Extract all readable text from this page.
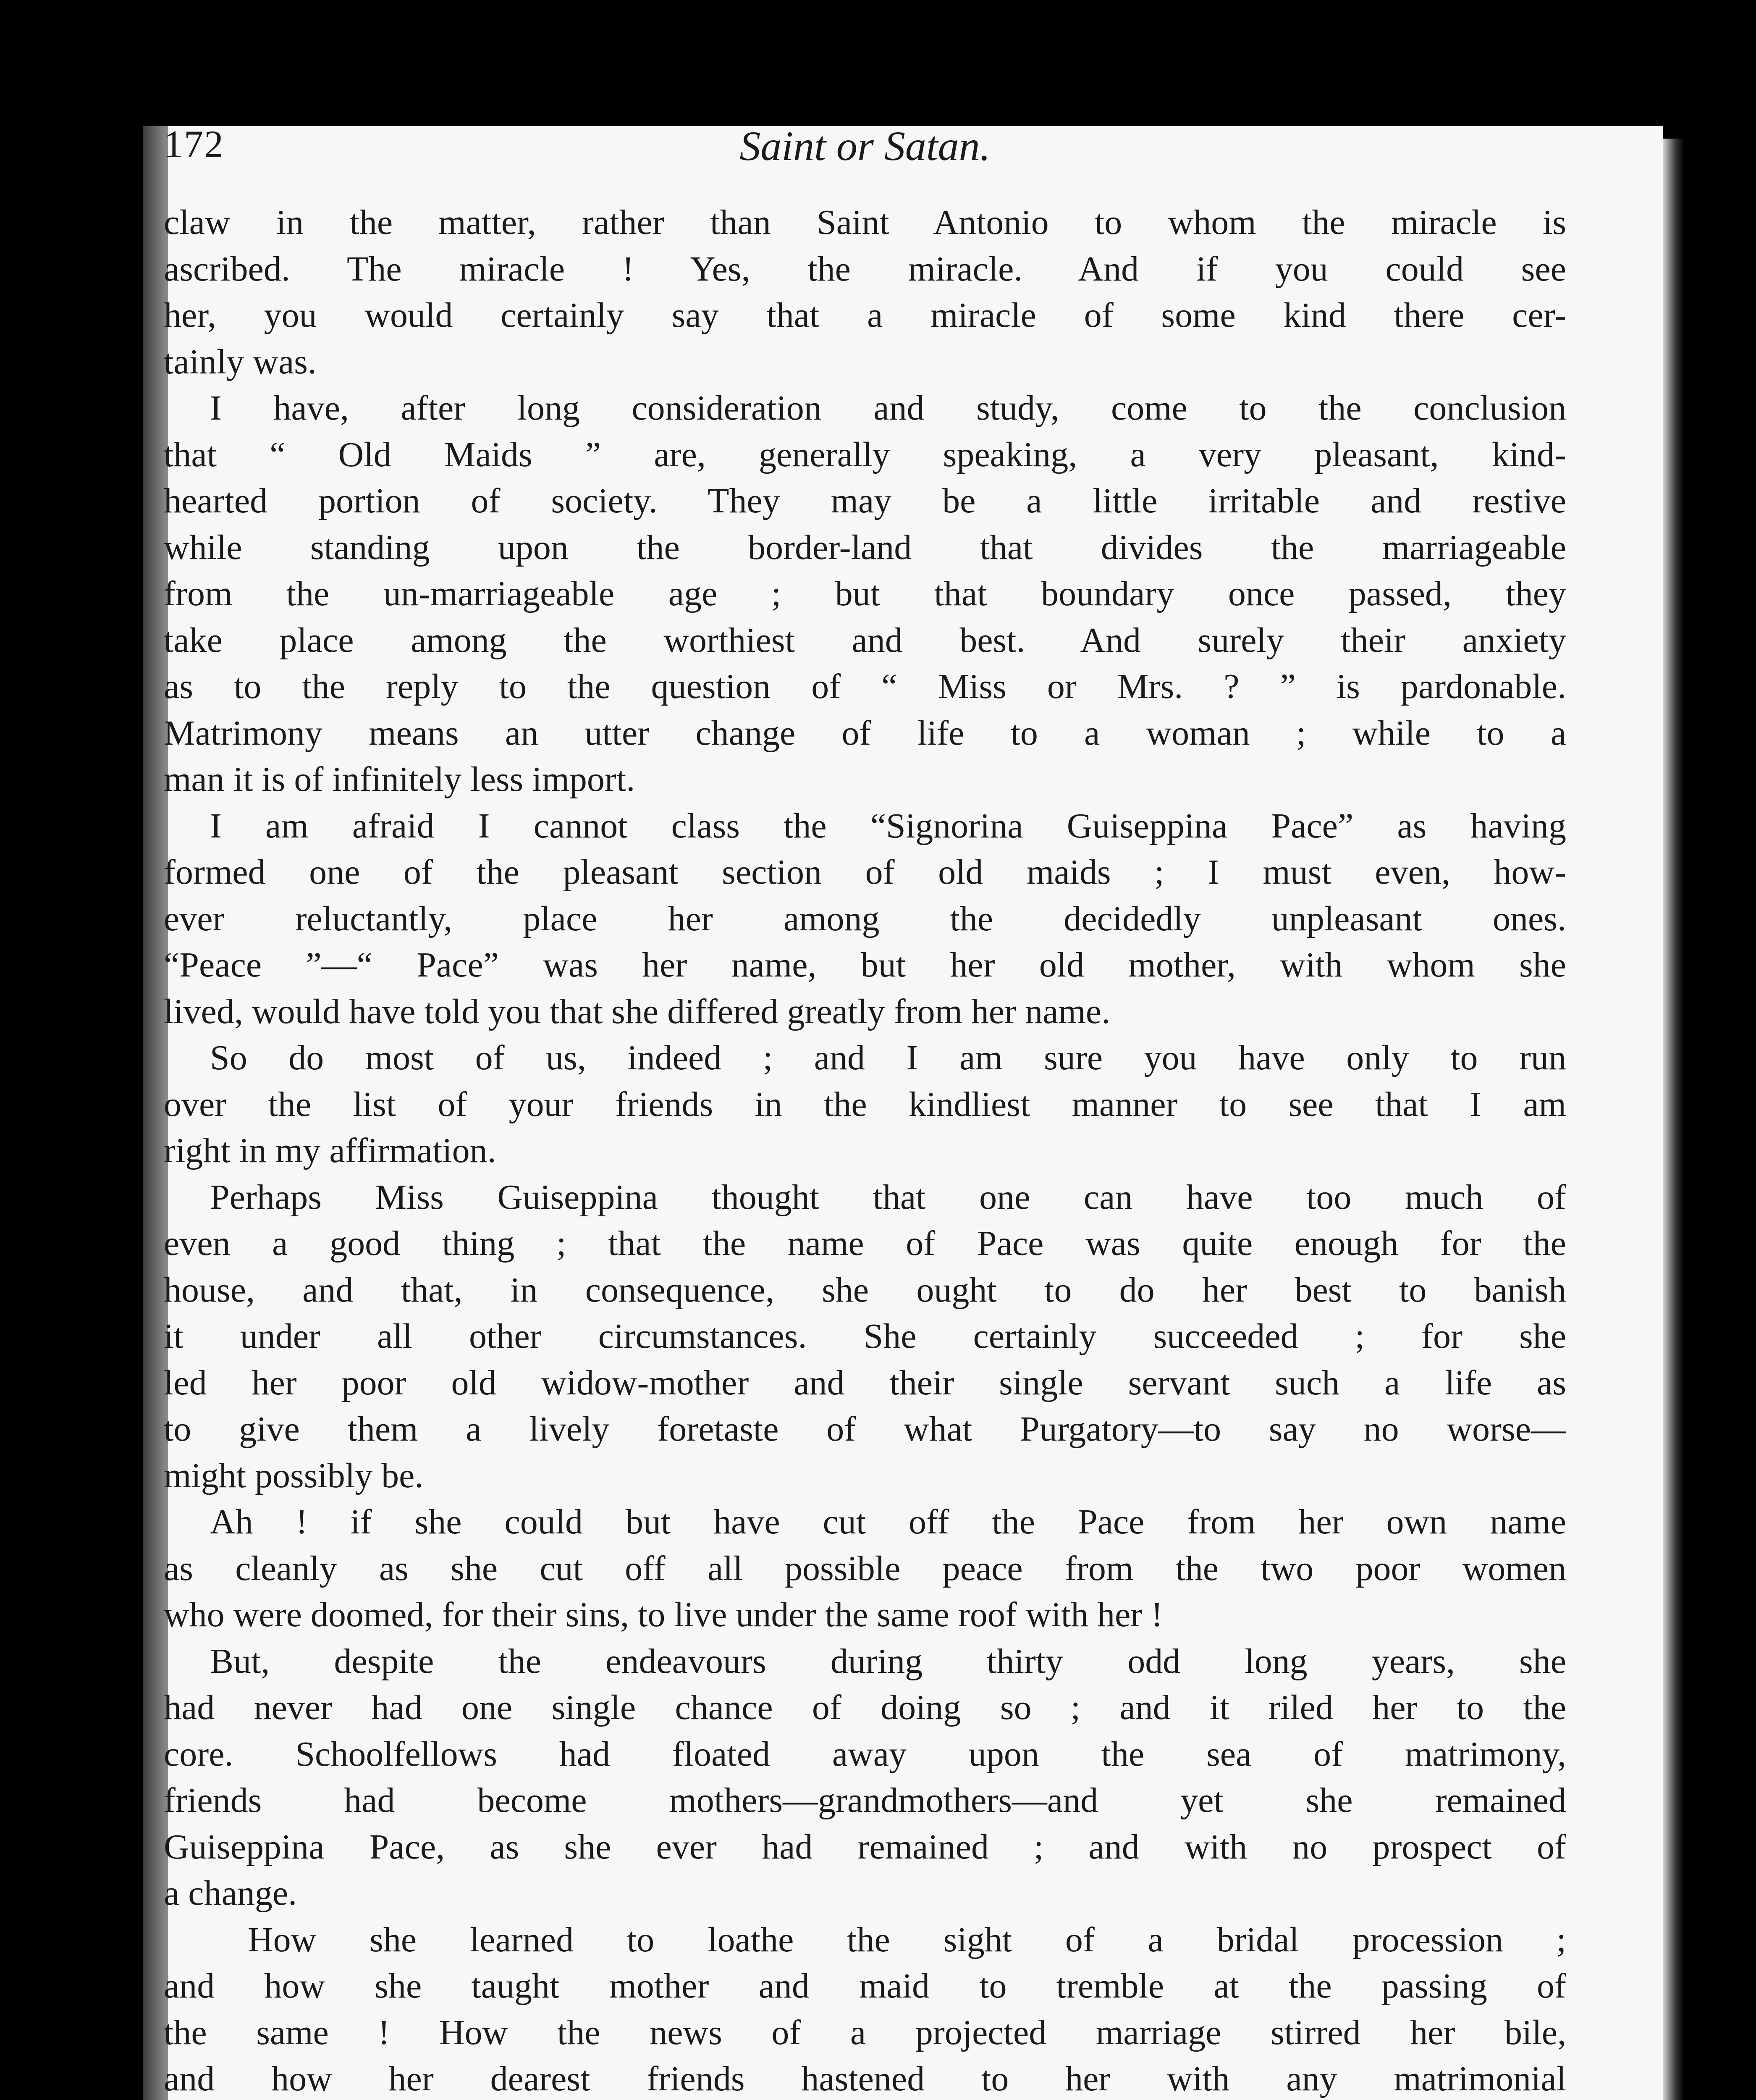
172	Saint or Satan.
claw in the matter, rather than Saint Antonio to whom the miracle is
ascribed. The miracle ! Yes, the miracle. And if you could see
her, you would certainly say that a miracle of some kind there cer-
tainly was.
I have, after long consideration and study, come to the conclusion
that “ Old Maids ” are, generally speaking, a very pleasant, kind-
hearted portion of society. They may be a little irritable and restive
while standing upon the border-land that divides the marriageable
from the un-marriageable age ; but that boundary once passed, they
take place among the worthiest and best. And surely their anxiety
as to the reply to the question of “ Miss or Mrs. ? ” is pardonable.
Matrimony means an utter change of life to a woman ; while to a
man it is of infinitely less import.
I am afraid I cannot class the “Signorina Guiseppina Pace” as having
formed one of the pleasant section of old maids ; I must even, how-
ever reluctantly, place her among the decidedly unpleasant ones.
“Peace ”—“ Pace” was her name, but her old mother, with whom she
lived, would have told you that she differed greatly from her name.
So do most of us, indeed ; and I am sure you have only to run
over the list of your friends in the kindliest manner to see that I am
right in my affirmation.
Perhaps Miss Guiseppina thought that one can have too much of
even a good thing ; that the name of Pace was quite enough for the
house, and that, in consequence, she ought to do her best to banish
it under all other circumstances. She certainly succeeded ; for she
led her poor old widow-mother and their single servant such a life as
to give them a lively foretaste of what Purgatory—to say no worse—
might possibly be.
Ah ! if she could but have cut off the Pace from her own name
as cleanly as she cut off all possible peace from the two poor women
who were doomed, for their sins, to live under the same roof with her !
But, despite the endeavours during thirty odd long years, she
had never had one single chance of doing so ; and it riled her to the
core. Schoolfellows had floated away upon the sea of matrimony,
friends had become mothers—grandmothers—and yet she remained
Guiseppina Pace, as she ever had remained ; and with no prospect of
a change.
How she learned to loathe the sight of a bridal procession ;
and how she taught mother and maid to tremble at the passing of
the same ! How the news of a projected marriage stirred her bile,
and how her dearest friends hastened to her with any matrimonial
